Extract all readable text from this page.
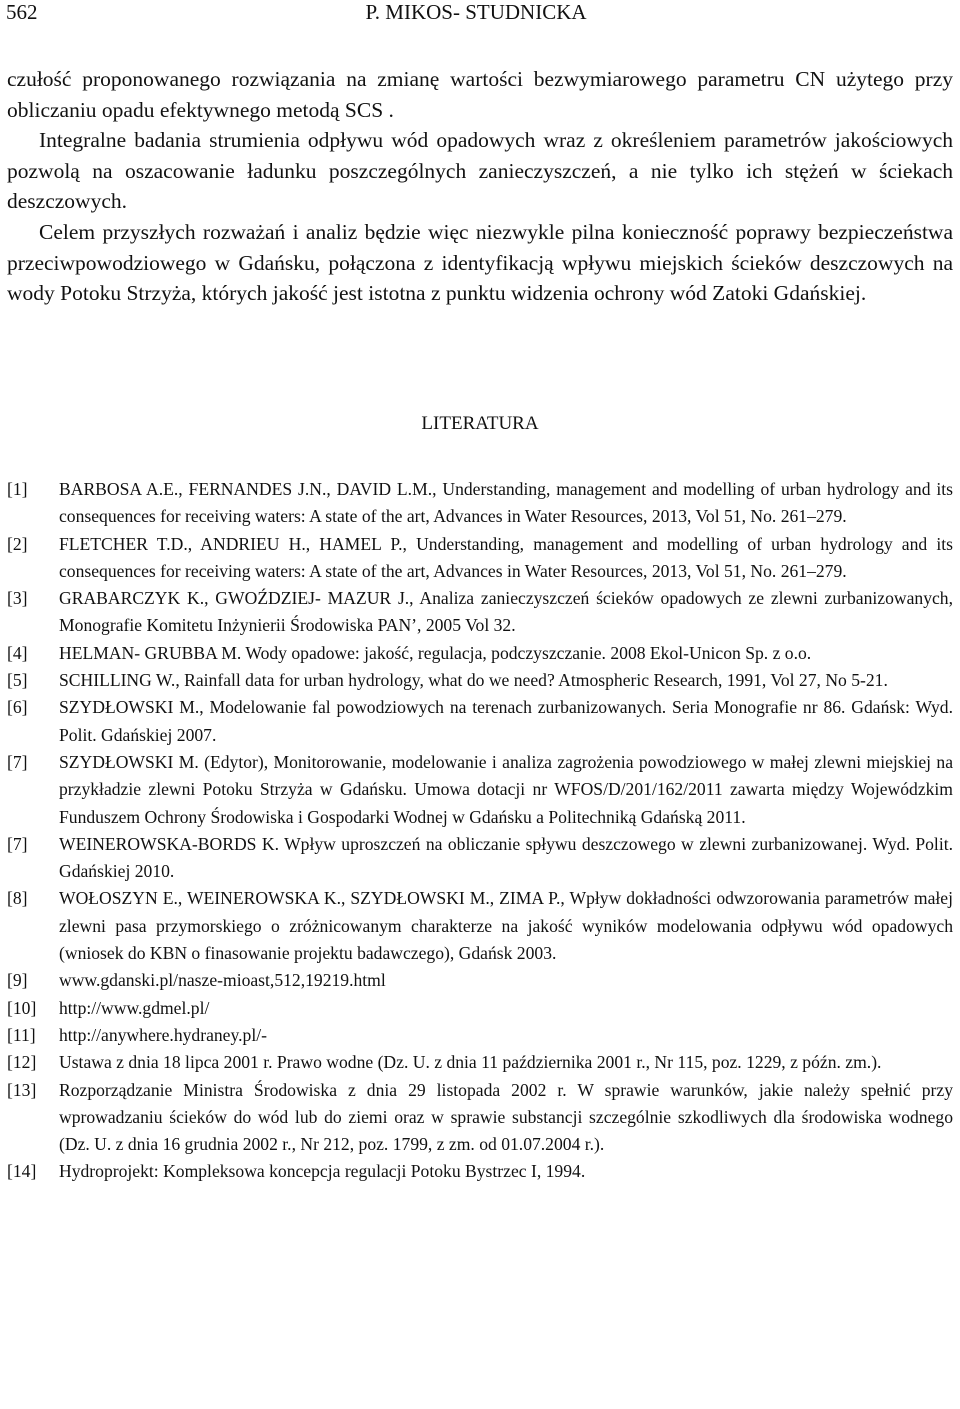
562	P. MIKOS- STUDNICKA

czułość proponowanego rozwiązania na zmianę wartości bezwymiarowego parametru CN użytego przy obliczaniu opadu efektywnego metodą SCS .

Integralne badania strumienia odpływu wód opadowych wraz z określeniem parametrów jakościowych pozwolą na oszacowanie ładunku poszczególnych zanieczyszczeń, a nie tylko ich stężeń w ściekach deszczowych.

Celem przyszłych rozważań i analiz będzie więc niezwykle pilna konieczność poprawy bezpieczeństwa przeciwpowodziowego w Gdańsku, połączona z identyfikacją wpływu miejskich ścieków deszczowych na wody Potoku Strzyża, których jakość jest istotna z punktu widzenia ochrony wód Zatoki Gdańskiej.

LITERATURA
[1]	BARBOSA A.E., FERNANDES J.N., DAVID L.M., Understanding, management and modelling of urban hydrology and its consequences for receiving waters: A state of the art, Advances in Water Resources, 2013, Vol 51, No. 261–279.
[2]	FLETCHER T.D., ANDRIEU H., HAMEL P., Understanding, management and modelling of urban hydrology and its consequences for receiving waters: A state of the art, Advances in Water Resources, 2013, Vol 51, No. 261–279.
[3]	GRABARCZYK K., GWOŹDZIEJ- MAZUR J., Analiza zanieczyszczeń ścieków opadowych ze zlewni zurbanizowanych, Monografie Komitetu Inżynierii Środowiska PAN’, 2005 Vol 32.
[4]	HELMAN- GRUBBA M. Wody opadowe: jakość, regulacja, podczyszczanie. 2008 Ekol-Unicon Sp. z o.o.
[5]	SCHILLING W., Rainfall data for urban hydrology, what do we need? Atmospheric Research, 1991, Vol 27, No 5-21.
[6]	SZYDŁOWSKI M., Modelowanie fal powodziowych na terenach zurbanizowanych. Seria Monografie nr 86. Gdańsk: Wyd. Polit. Gdańskiej 2007.
[7]	SZYDŁOWSKI M. (Edytor), Monitorowanie, modelowanie i analiza zagrożenia powodziowego w małej zlewni miejskiej na przykładzie zlewni Potoku Strzyża w Gdańsku. Umowa dotacji nr WFOS/D/201/162/2011 zawarta między Wojewódzkim Funduszem Ochrony Środowiska i Gospodarki Wodnej w Gdańsku a Politechniką Gdańską 2011.
[7]	WEINEROWSKA-BORDS K. Wpływ uproszczeń na obliczanie spływu deszczowego w zlewni zurbanizowanej. Wyd. Polit. Gdańskiej 2010.
[8]	WOŁOSZYN E., WEINEROWSKA K., SZYDŁOWSKI M., ZIMA P., Wpływ dokładności odwzorowania parametrów małej zlewni pasa przymorskiego o zróżnicowanym charakterze na jakość wyników modelowania odpływu wód opadowych (wniosek do KBN o finasowanie projektu badawczego), Gdańsk 2003.
[9]	www.gdanski.pl/nasze-mioast,512,19219.html
[10]	http://www.gdmel.pl/
[11]	http://anywhere.hydraney.pl/-
[12]	Ustawa z dnia 18 lipca 2001 r. Prawo wodne (Dz. U. z dnia 11 października 2001 r., Nr 115, poz. 1229, z późn. zm.).
[13]	Rozporządzanie Ministra Środowiska z dnia 29 listopada 2002 r. W sprawie warunków, jakie należy spełnić przy wprowadzaniu ścieków do wód lub do ziemi oraz w sprawie substancji szczególnie szkodliwych dla środowiska wodnego (Dz. U. z dnia 16 grudnia 2002 r., Nr 212, poz. 1799, z zm. od 01.07.2004 r.).
[14]	Hydroprojekt: Kompleksowa koncepcja regulacji Potoku Bystrzec I, 1994.
